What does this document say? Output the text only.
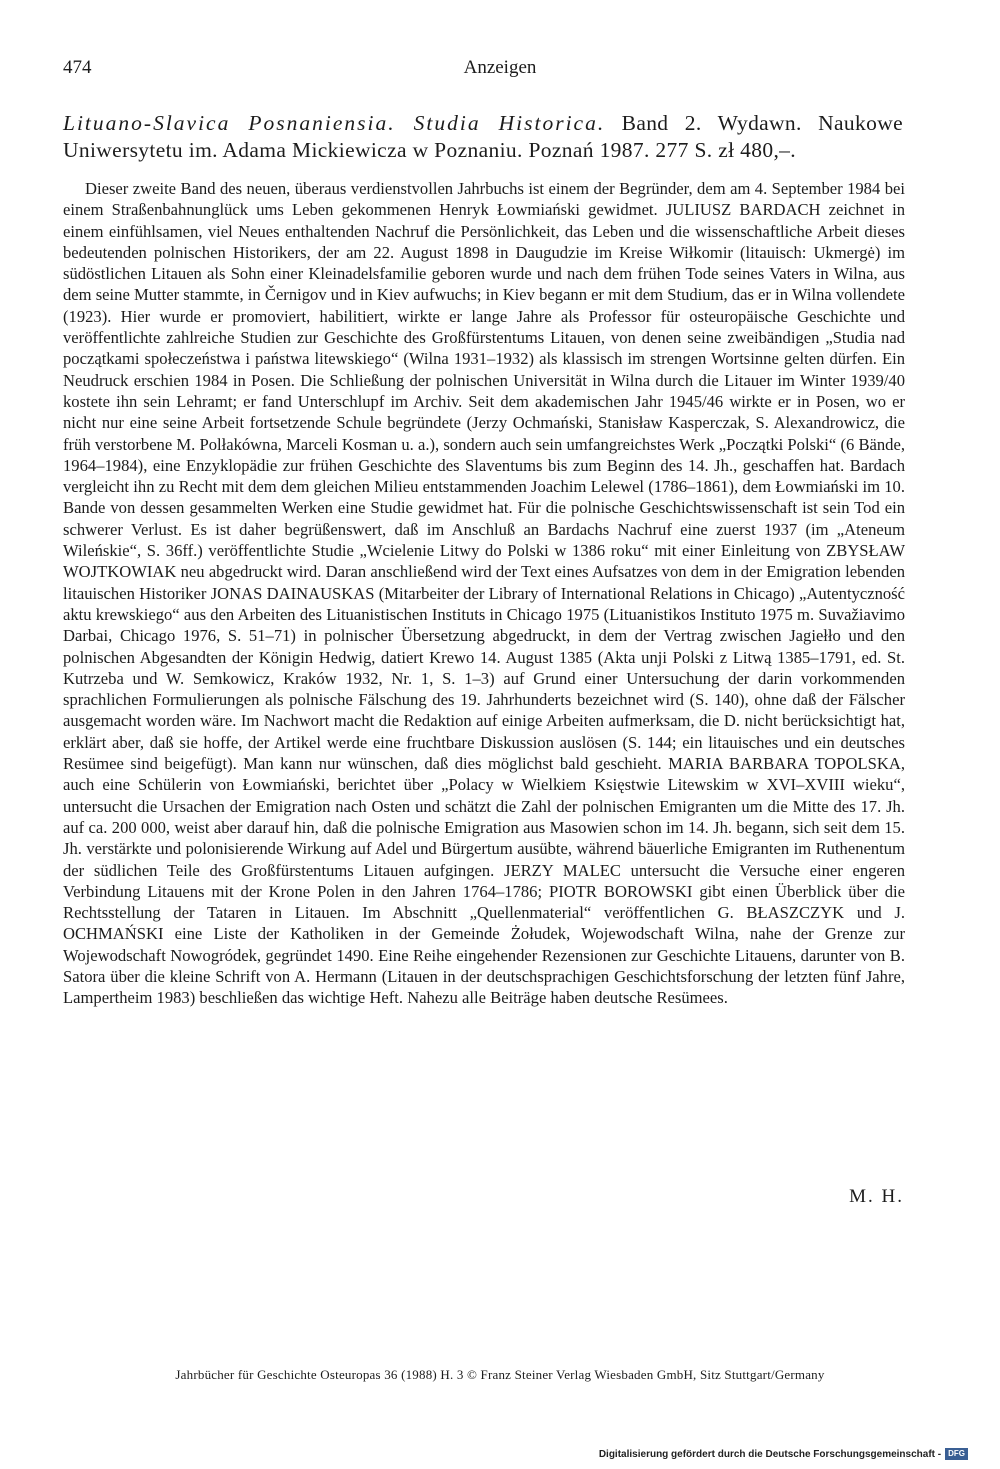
474	Anzeigen
Lituano-Slavica Posnaniensia. Studia Historica. Band 2. Wydawn. Naukowe Uniwersytetu im. Adama Mickiewicza w Poznaniu. Poznań 1987. 277 S. zł 480,–.

Dieser zweite Band des neuen, überaus verdienstvollen Jahrbuchs ist einem der Begründer, dem am 4. September 1984 bei einem Straßenbahnunglück ums Leben gekommenen Henryk Łowmiański gewidmet. JULIUSZ BARDACH zeichnet in einem einfühlsamen, viel Neues enthaltenden Nachruf die Persönlichkeit, das Leben und die wissenschaftliche Arbeit dieses bedeutenden polnischen Historikers, der am 22. August 1898 in Daugudzie im Kreise Wiłkomir (litauisch: Ukmergė) im südöstlichen Litauen als Sohn einer Kleinadelsfamilie geboren wurde und nach dem frühen Tode seines Vaters in Wilna, aus dem seine Mutter stammte, in Černigov und in Kiev aufwuchs; in Kiev begann er mit dem Studium, das er in Wilna vollendete (1923). Hier wurde er promoviert, habilitiert, wirkte er lange Jahre als Professor für osteuropäische Geschichte und veröffentlichte zahlreiche Studien zur Geschichte des Großfürstentums Litauen, von denen seine zweibändigen „Studia nad początkami społeczeństwa i państwa litewskiego“ (Wilna 1931–1932) als klassisch im strengen Wortsinne gelten dürfen. Ein Neudruck erschien 1984 in Posen. Die Schließung der polnischen Universität in Wilna durch die Litauer im Winter 1939/40 kostete ihn sein Lehramt; er fand Unterschlupf im Archiv. Seit dem akademischen Jahr 1945/46 wirkte er in Posen, wo er nicht nur eine seine Arbeit fortsetzende Schule begründete (Jerzy Ochmański, Stanisław Kasperczak, S. Alexandrowicz, die früh verstorbene M. Polłakówna, Marceli Kosman u. a.), sondern auch sein umfangreichstes Werk „Początki Polski“ (6 Bände, 1964–1984), eine Enzyklopädie zur frühen Geschichte des Slaventums bis zum Beginn des 14. Jh., geschaffen hat. Bardach vergleicht ihn zu Recht mit dem dem gleichen Milieu entstammenden Joachim Lelewel (1786–1861), dem Łowmiański im 10. Bande von dessen gesammelten Werken eine Studie gewidmet hat. Für die polnische Geschichtswissenschaft ist sein Tod ein schwerer Verlust. Es ist daher begrüßenswert, daß im Anschluß an Bardachs Nachruf eine zuerst 1937 (im „Ateneum Wileńskie“, S. 36ff.) veröffentlichte Studie „Wcielenie Litwy do Polski w 1386 roku“ mit einer Einleitung von ZBYSŁAW WOJTKOWIAK neu abgedruckt wird. Daran anschließend wird der Text eines Aufsatzes von dem in der Emigration lebenden litauischen Historiker JONAS DAINAUSKAS (Mitarbeiter der Library of International Relations in Chicago) „Autentyczność aktu krewskiego“ aus den Arbeiten des Lituanistischen Instituts in Chicago 1975 (Lituanistikos Instituto 1975 m. Suvažiavimo Darbai, Chicago 1976, S. 51–71) in polnischer Übersetzung abgedruckt, in dem der Vertrag zwischen Jagiełło und den polnischen Abgesandten der Königin Hedwig, datiert Krewo 14. August 1385 (Akta unji Polski z Litwą 1385–1791, ed. St. Kutrzeba und W. Semkowicz, Kraków 1932, Nr. 1, S. 1–3) auf Grund einer Untersuchung der darin vorkommenden sprachlichen Formulierungen als polnische Fälschung des 19. Jahrhunderts bezeichnet wird (S. 140), ohne daß der Fälscher ausgemacht worden wäre. Im Nachwort macht die Redaktion auf einige Arbeiten aufmerksam, die D. nicht berücksichtigt hat, erklärt aber, daß sie hoffe, der Artikel werde eine fruchtbare Diskussion auslösen (S. 144; ein litauisches und ein deutsches Resümee sind beigefügt). Man kann nur wünschen, daß dies möglichst bald geschieht. MARIA BARBARA TOPOLSKA, auch eine Schülerin von Łowmiański, berichtet über „Polacy w Wielkiem Księstwie Litewskim w XVI–XVIII wieku“, untersucht die Ursachen der Emigration nach Osten und schätzt die Zahl der polnischen Emigranten um die Mitte des 17. Jh. auf ca. 200 000, weist aber darauf hin, daß die polnische Emigration aus Masowien schon im 14. Jh. begann, sich seit dem 15. Jh. verstärkte und polonisierende Wirkung auf Adel und Bürgertum ausübte, während bäuerliche Emigranten im Ruthenentum der südlichen Teile des Großfürstentums Litauen aufgingen. JERZY MALEC untersucht die Versuche einer engeren Verbindung Litauens mit der Krone Polen in den Jahren 1764–1786; PIOTR BOROWSKI gibt einen Überblick über die Rechtsstellung der Tataren in Litauen. Im Abschnitt „Quellenmaterial“ veröffentlichen G. BŁASZCZYK und J. OCHMAŃSKI eine Liste der Katholiken in der Gemeinde Żołudek, Wojewodschaft Wilna, nahe der Grenze zur Wojewodschaft Nowogródek, gegründet 1490. Eine Reihe eingehender Rezensionen zur Geschichte Litauens, darunter von B. Satora über die kleine Schrift von A. Hermann (Litauen in der deutschsprachigen Geschichtsforschung der letzten fünf Jahre, Lampertheim 1983) beschließen das wichtige Heft. Nahezu alle Beiträge haben deutsche Resümees.

M. H.
Jahrbücher für Geschichte Osteuropas 36 (1988) H. 3 © Franz Steiner Verlag Wiesbaden GmbH, Sitz Stuttgart/Germany
Digitalisierung gefördert durch die Deutsche Forschungsgemeinschaft - DFG
